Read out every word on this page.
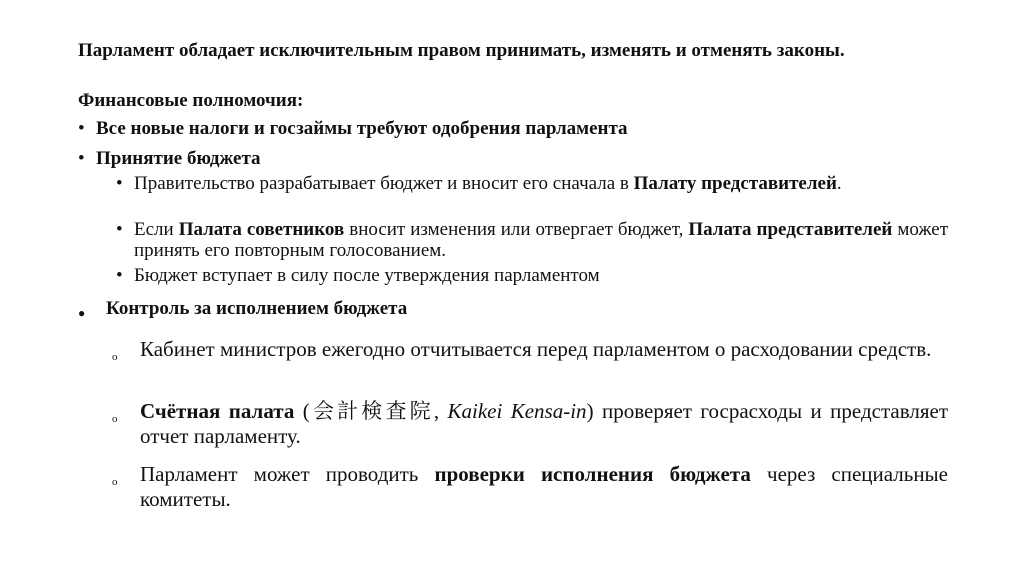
Парламент обладает исключительным правом принимать, изменять и отменять законы.
Финансовые полномочия:
• Все новые налоги и госзаймы требуют одобрения парламента
• Принятие бюджета
• Правительство разрабатывает бюджет и вносит его сначала в Палату представителей.
• Если Палата советников вносит изменения или отвергает бюджет, Палата представителей может принять его повторным голосованием.
• Бюджет вступает в силу после утверждения парламентом
● Контроль за исполнением бюджета
o Кабинет министров ежегодно отчитывается перед парламентом о расходовании средств.
o Счётная палата (会計検査院, Kaikei Kensa-in) проверяет госрасходы и представляет отчет парламенту.
o Парламент может проводить проверки исполнения бюджета через специальные комитеты.
